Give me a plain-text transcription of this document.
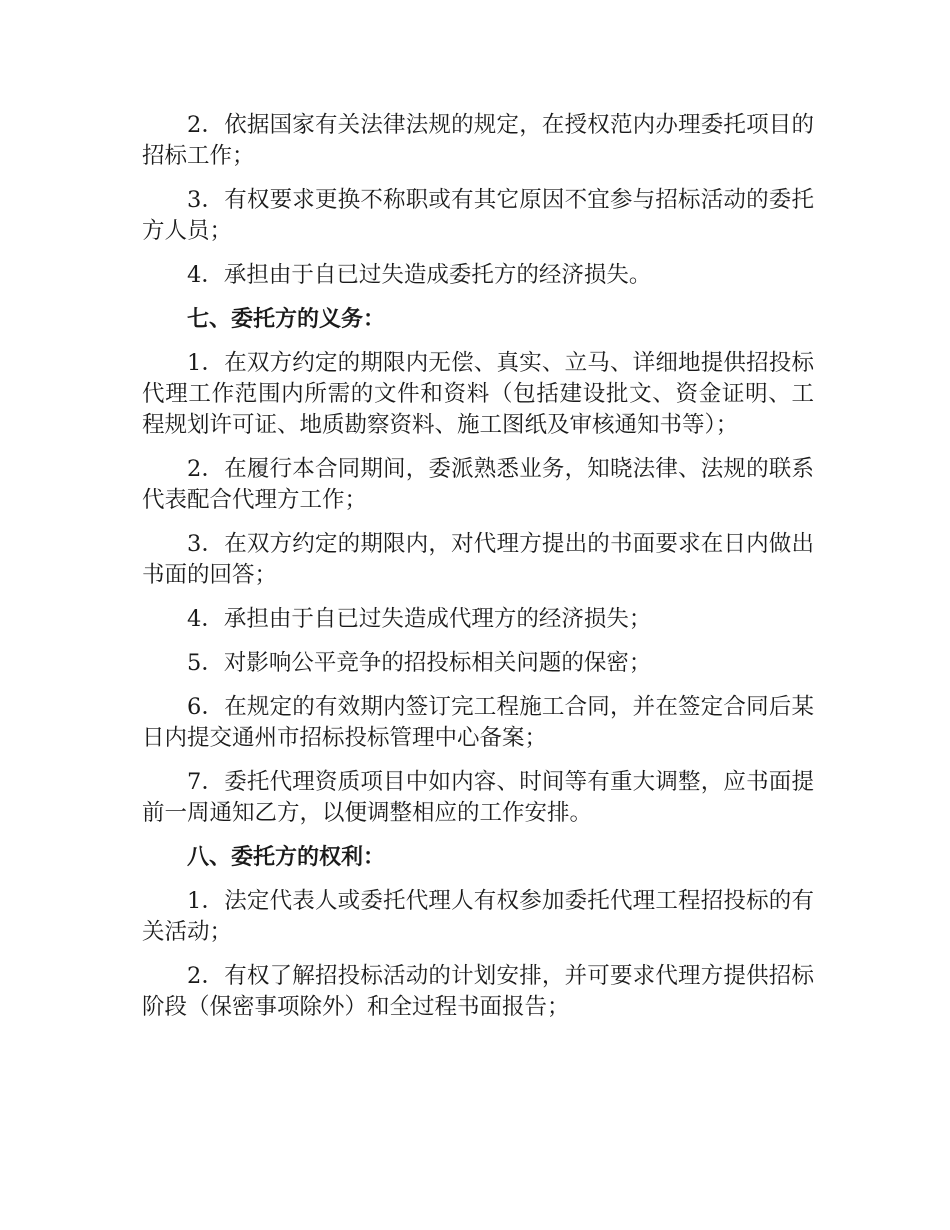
2．依据国家有关法律法规的规定，在授权范内办理委托项目的招标工作；

3．有权要求更换不称职或有其它原因不宜参与招标活动的委托方人员；

4．承担由于自已过失造成委托方的经济损失。

七、委托方的义务：

1．在双方约定的期限内无偿、真实、立马、详细地提供招投标代理工作范围内所需的文件和资料（包括建设批文、资金证明、工程规划许可证、地质勘察资料、施工图纸及审核通知书等）；

2．在履行本合同期间，委派熟悉业务，知晓法律、法规的联系代表配合代理方工作；

3．在双方约定的期限内，对代理方提出的书面要求在日内做出书面的回答；

4．承担由于自已过失造成代理方的经济损失；

5．对影响公平竞争的招投标相关问题的保密；

6．在规定的有效期内签订完工程施工合同，并在签定合同后某日内提交通州市招标投标管理中心备案；

7．委托代理资质项目中如内容、时间等有重大调整，应书面提前一周通知乙方，以便调整相应的工作安排。

八、委托方的权利：

1．法定代表人或委托代理人有权参加委托代理工程招投标的有关活动；

2．有权了解招投标活动的计划安排，并可要求代理方提供招标阶段（保密事项除外）和全过程书面报告；
